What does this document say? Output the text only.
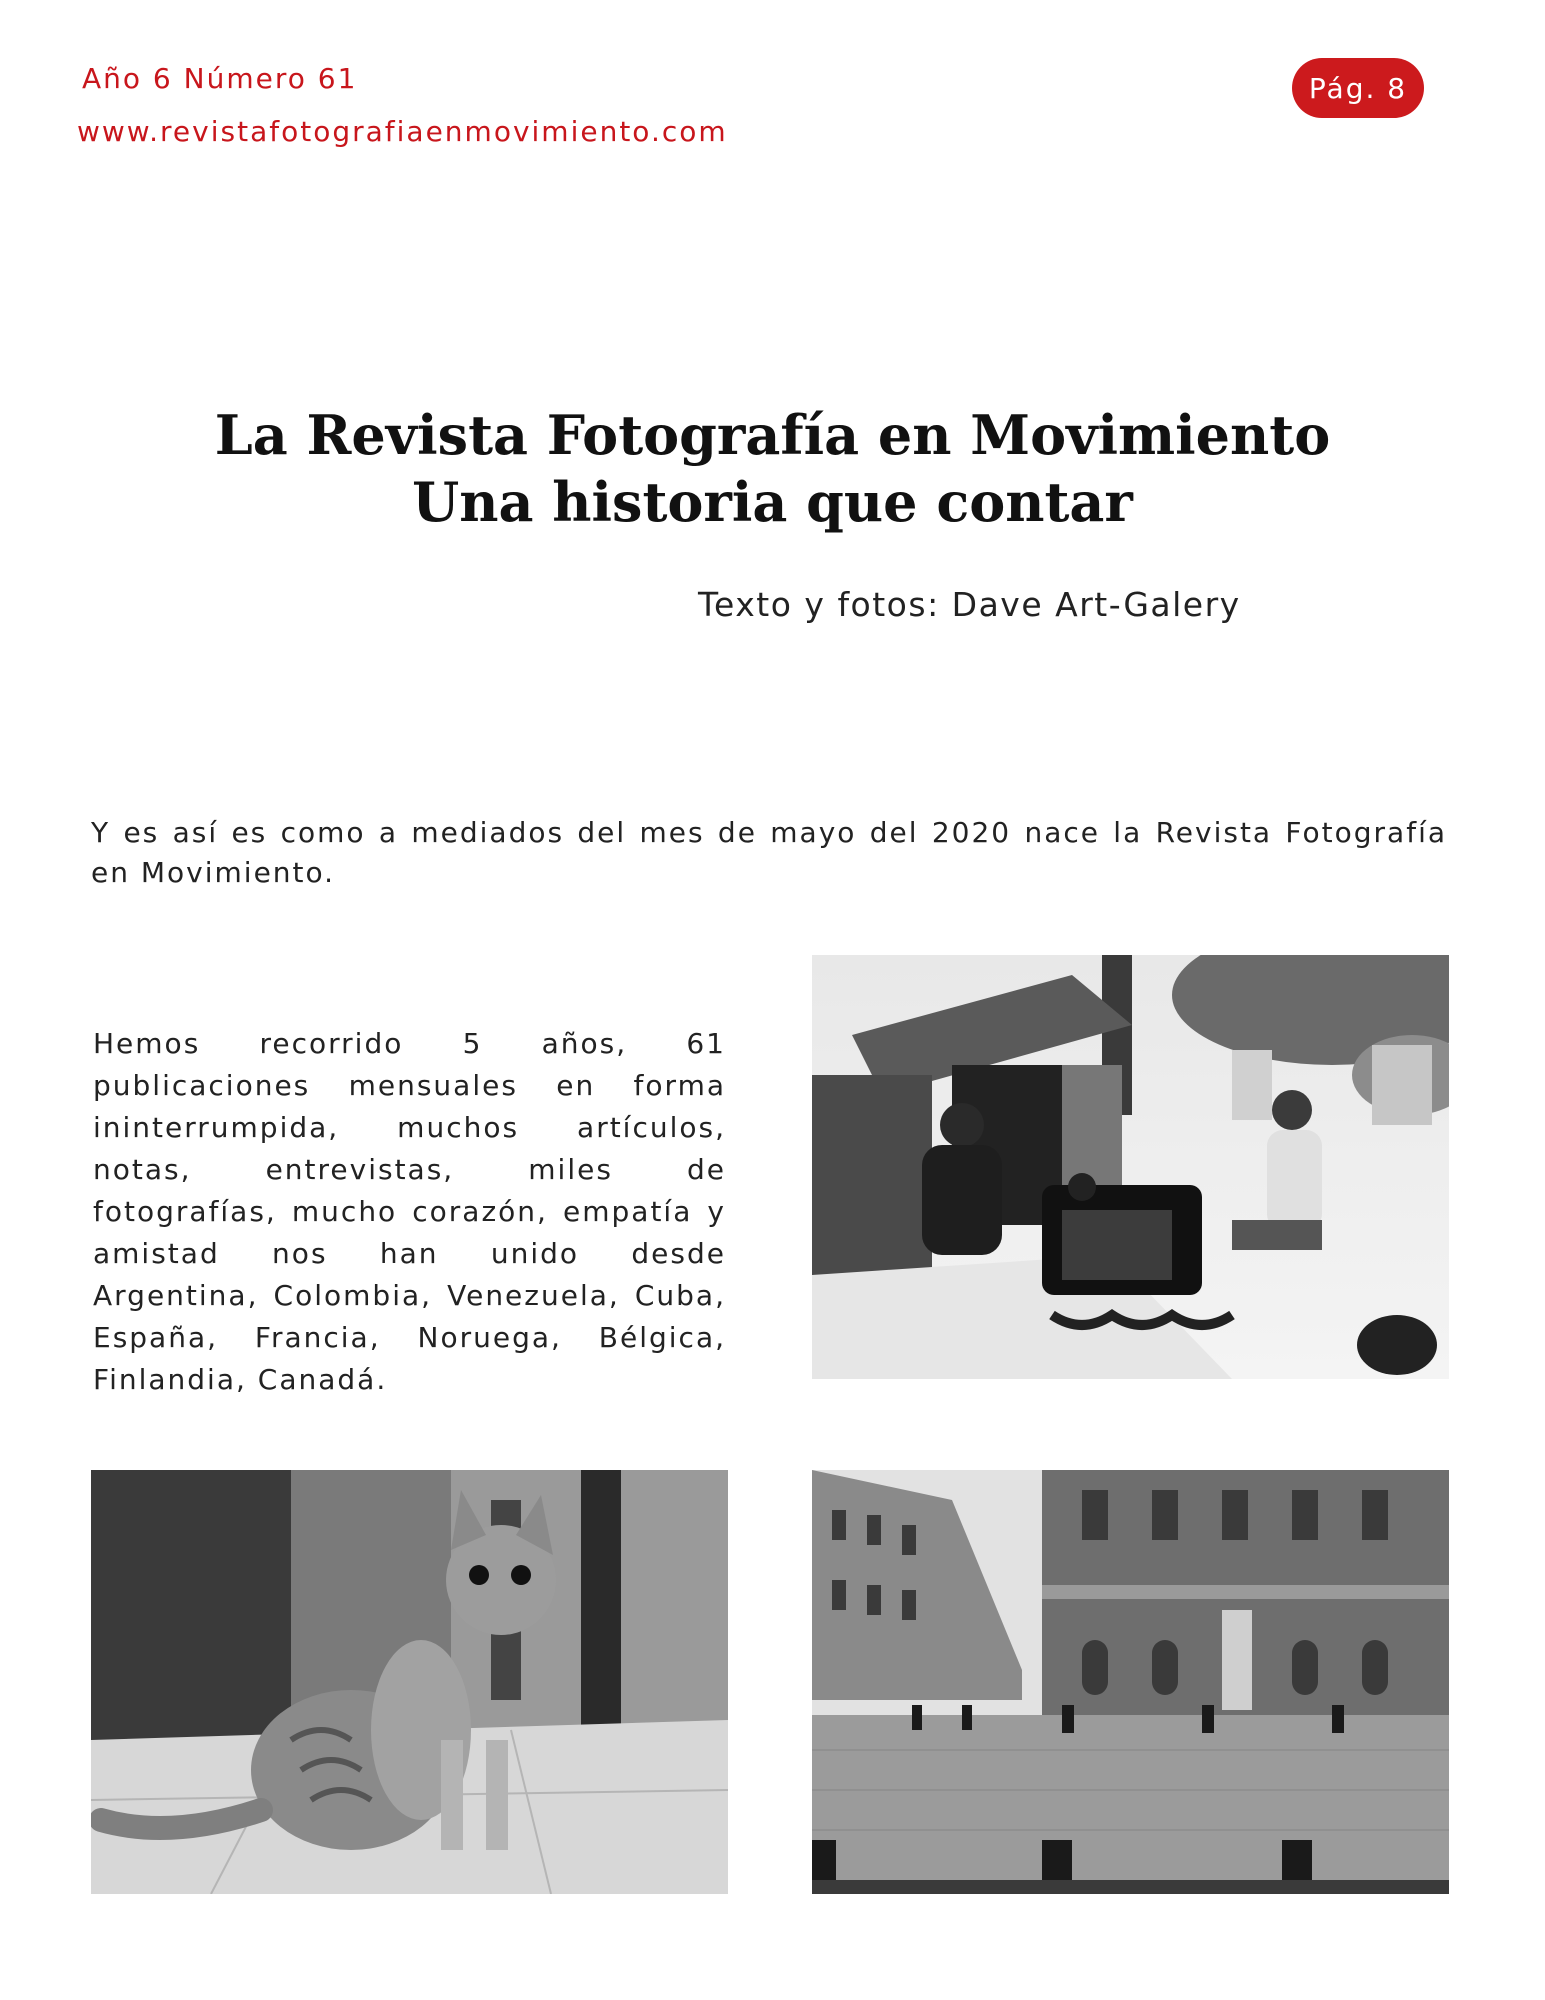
Año 6 Número 61
www.revistafotografiaenmovimiento.com
Pág. 8
La Revista Fotografía en Movimiento
Una historia que contar
Texto y fotos: Dave Art-Galery

Y es así es como a mediados del mes de mayo del 2020 nace la Revista Fotografía en Movimiento.

Hemos recorrido 5 años, 61 publicaciones mensuales en forma ininterrumpida, muchos artículos, notas, entrevistas, miles de fotografías, mucho corazón, empatía y amistad nos han unido desde Argentina, Colombia, Venezuela, Cuba, España, Francia, Noruega, Bélgica, Finlandia, Canadá.
